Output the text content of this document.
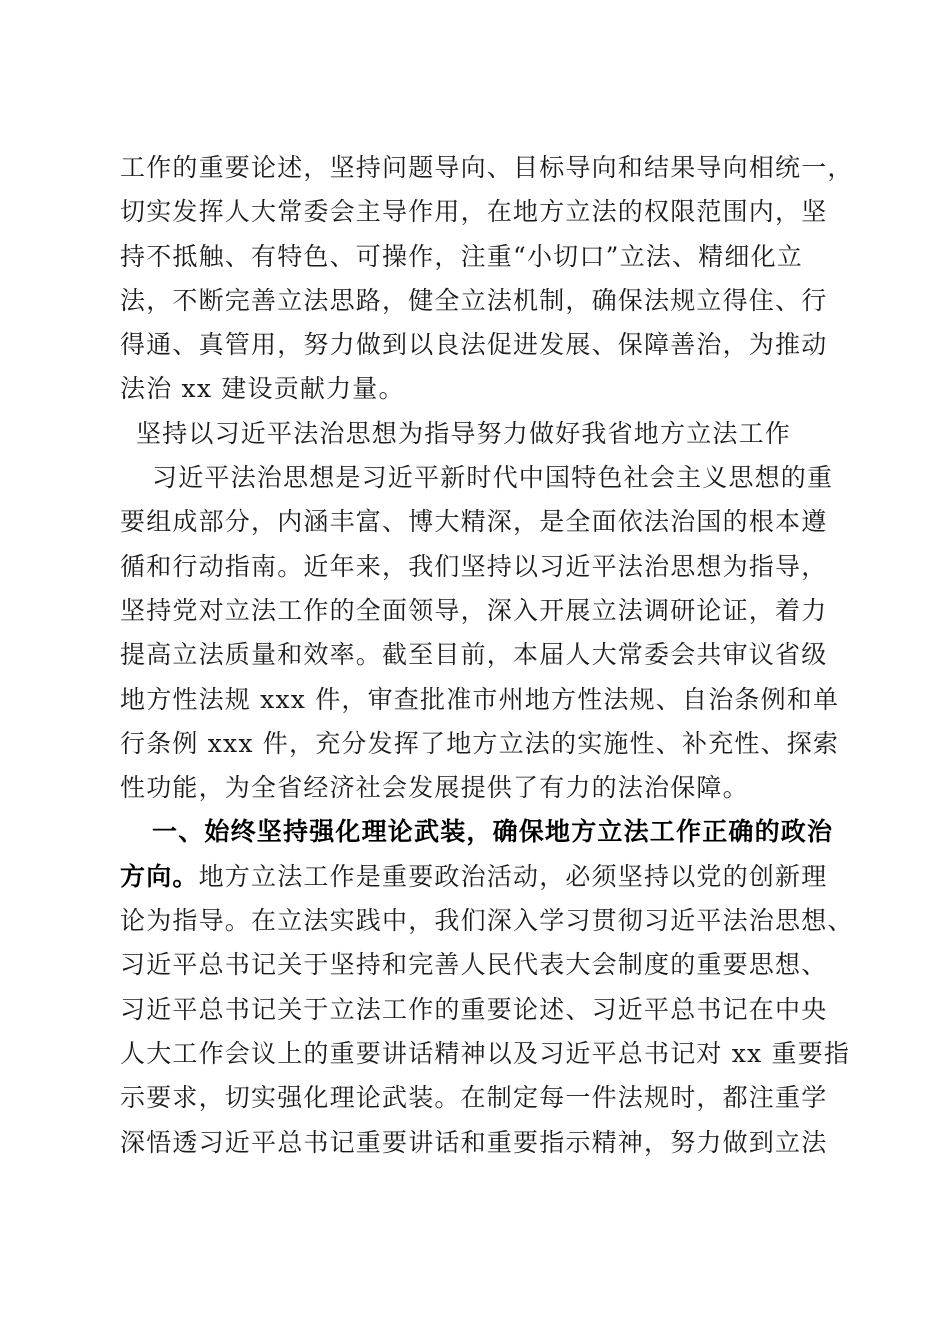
工作的重要论述，坚持问题导向、目标导向和结果导向相统一，
切实发挥人大常委会主导作用，在地方立法的权限范围内，坚
持不抵触、有特色、可操作，注重“小切口”立法、精细化立
法，不断完善立法思路，健全立法机制，确保法规立得住、行
得通、真管用，努力做到以良法促进发展、保障善治，为推动
法治 xx 建设贡献力量。
坚持以习近平法治思想为指导努力做好我省地方立法工作
习近平法治思想是习近平新时代中国特色社会主义思想的重
要组成部分，内涵丰富、博大精深，是全面依法治国的根本遵
循和行动指南。近年来，我们坚持以习近平法治思想为指导，
坚持党对立法工作的全面领导，深入开展立法调研论证，着力
提高立法质量和效率。截至目前，本届人大常委会共审议省级
地方性法规 xxx 件，审查批准市州地方性法规、自治条例和单
行条例 xxx 件，充分发挥了地方立法的实施性、补充性、探索
性功能，为全省经济社会发展提供了有力的法治保障。
一、始终坚持强化理论武装，确保地方立法工作正确的政治
方向。地方立法工作是重要政治活动，必须坚持以党的创新理
论为指导。在立法实践中，我们深入学习贯彻习近平法治思想、
习近平总书记关于坚持和完善人民代表大会制度的重要思想、
习近平总书记关于立法工作的重要论述、习近平总书记在中央
人大工作会议上的重要讲话精神以及习近平总书记对 xx 重要指
示要求，切实强化理论武装。在制定每一件法规时，都注重学
深悟透习近平总书记重要讲话和重要指示精神，努力做到立法
